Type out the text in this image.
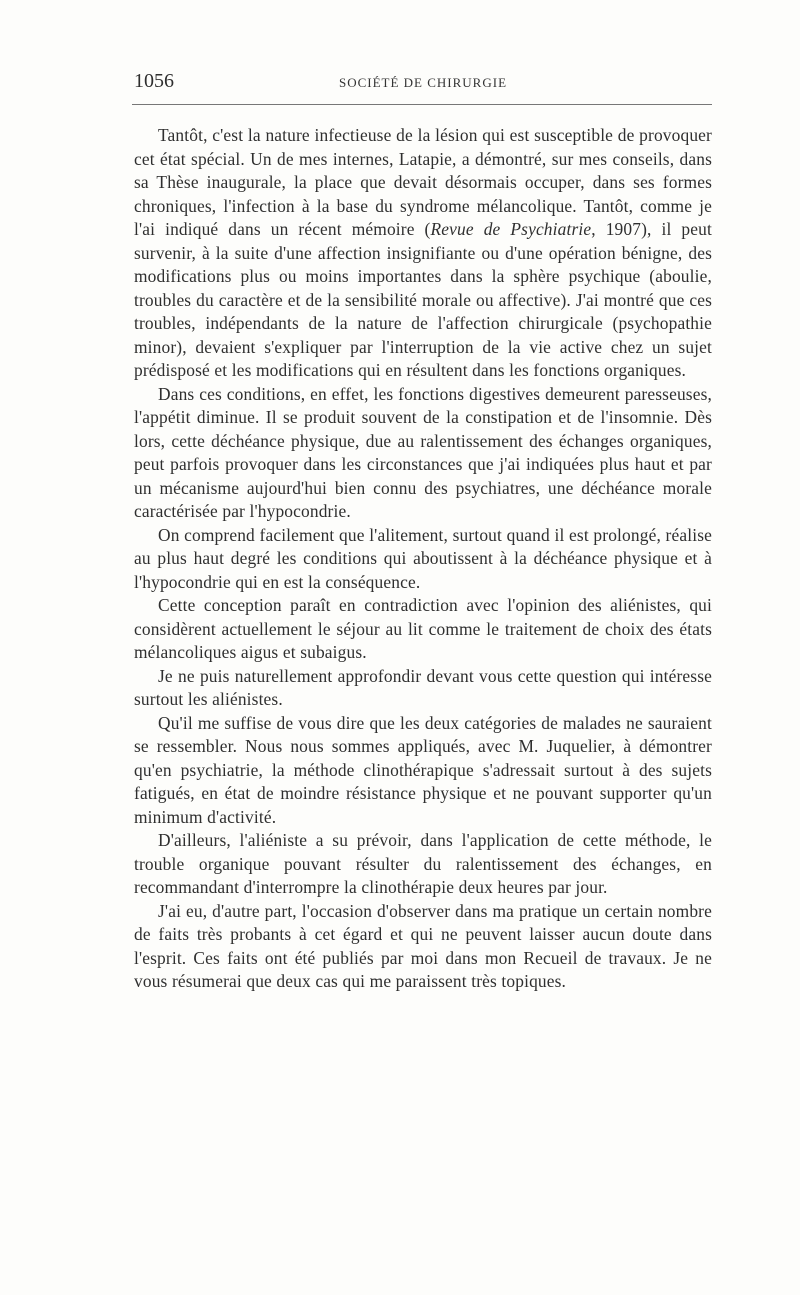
1056	SOCIÉTÉ DE CHIRURGIE

Tantôt, c'est la nature infectieuse de la lésion qui est susceptible de provoquer cet état spécial. Un de mes internes, Latapie, a démontré, sur mes conseils, dans sa Thèse inaugurale, la place que devait désormais occuper, dans ses formes chroniques, l'infection à la base du syndrome mélancolique. Tantôt, comme je l'ai indiqué dans un récent mémoire (Revue de Psychiatrie, 1907), il peut survenir, à la suite d'une affection insignifiante ou d'une opération bénigne, des modifications plus ou moins importantes dans la sphère psychique (aboulie, troubles du caractère et de la sensibilité morale ou affective). J'ai montré que ces troubles, indépendants de la nature de l'affection chirurgicale (psychopathie minor), devaient s'expliquer par l'interruption de la vie active chez un sujet prédisposé et les modifications qui en résultent dans les fonctions organiques.

Dans ces conditions, en effet, les fonctions digestives demeurent paresseuses, l'appétit diminue. Il se produit souvent de la constipation et de l'insomnie. Dès lors, cette déchéance physique, due au ralentissement des échanges organiques, peut parfois provoquer dans les circonstances que j'ai indiquées plus haut et par un mécanisme aujourd'hui bien connu des psychiatres, une déchéance morale caractérisée par l'hypocondrie.

On comprend facilement que l'alitement, surtout quand il est prolongé, réalise au plus haut degré les conditions qui aboutissent à la déchéance physique et à l'hypocondrie qui en est la conséquence.

Cette conception paraît en contradiction avec l'opinion des aliénistes, qui considèrent actuellement le séjour au lit comme le traitement de choix des états mélancoliques aigus et subaigus.

Je ne puis naturellement approfondir devant vous cette question qui intéresse surtout les aliénistes.

Qu'il me suffise de vous dire que les deux catégories de malades ne sauraient se ressembler. Nous nous sommes appliqués, avec M. Juquelier, à démontrer qu'en psychiatrie, la méthode clinothérapique s'adressait surtout à des sujets fatigués, en état de moindre résistance physique et ne pouvant supporter qu'un minimum d'activité.

D'ailleurs, l'aliéniste a su prévoir, dans l'application de cette méthode, le trouble organique pouvant résulter du ralentissement des échanges, en recommandant d'interrompre la clinothérapie deux heures par jour.

J'ai eu, d'autre part, l'occasion d'observer dans ma pratique un certain nombre de faits très probants à cet égard et qui ne peuvent laisser aucun doute dans l'esprit. Ces faits ont été publiés par moi dans mon Recueil de travaux. Je ne vous résumerai que deux cas qui me paraissent très topiques.
